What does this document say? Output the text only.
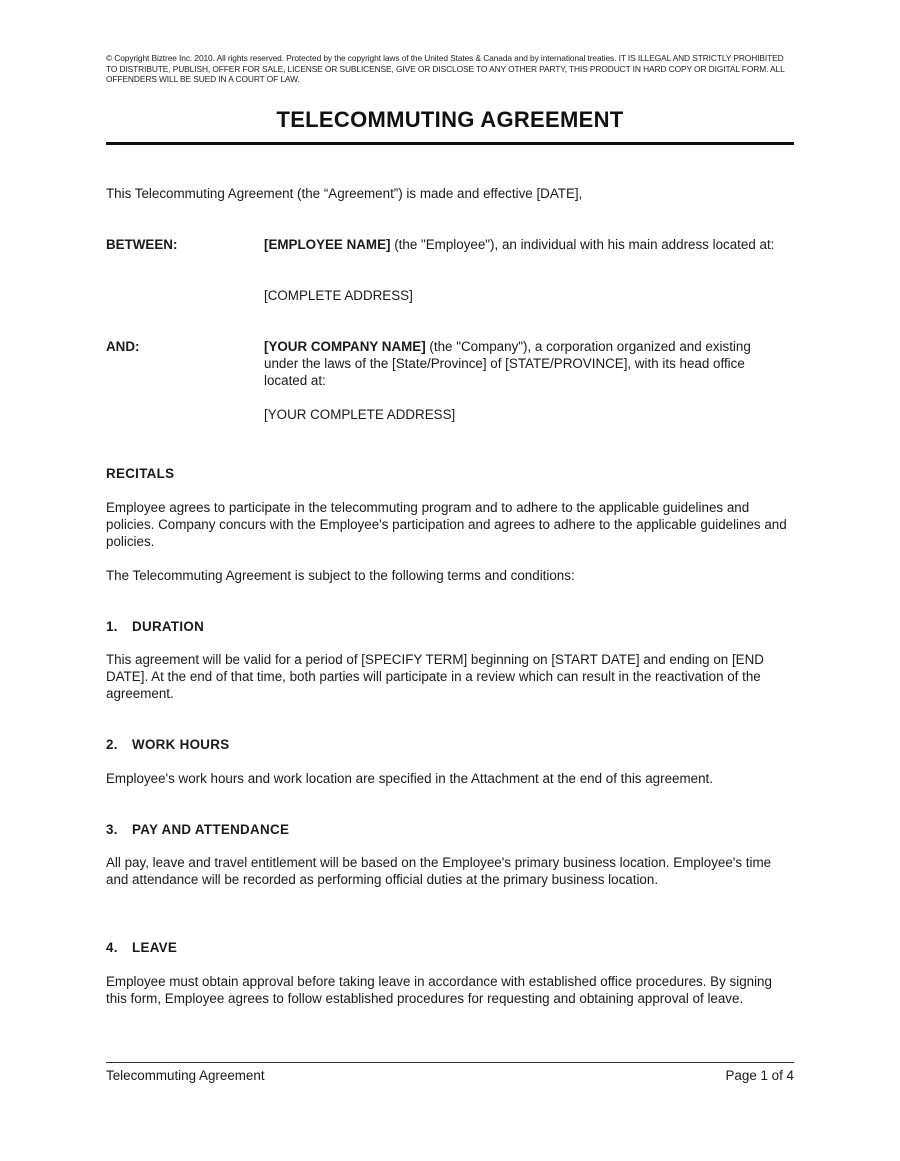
© Copyright Biztree Inc. 2010. All rights reserved. Protected by the copyright laws of the United States & Canada and by international treaties. IT IS ILLEGAL AND STRICTLY PROHIBITED TO DISTRIBUTE, PUBLISH, OFFER FOR SALE, LICENSE OR SUBLICENSE, GIVE OR DISCLOSE TO ANY OTHER PARTY, THIS PRODUCT IN HARD COPY OR DIGITAL FORM. ALL OFFENDERS WILL BE SUED IN A COURT OF LAW.
TELECOMMUTING AGREEMENT
This Telecommuting Agreement (the “Agreement”) is made and effective [DATE],
BETWEEN:	[EMPLOYEE NAME] (the "Employee"), an individual with his main address located at:
[COMPLETE ADDRESS]
AND:	[YOUR COMPANY NAME] (the "Company"), a corporation organized and existing under the laws of the [State/Province] of [STATE/PROVINCE], with its head office located at:
[YOUR COMPLETE ADDRESS]
RECITALS
Employee agrees to participate in the telecommuting program and to adhere to the applicable guidelines and policies. Company concurs with the Employee's participation and agrees to adhere to the applicable guidelines and policies.
The Telecommuting Agreement is subject to the following terms and conditions:
1. DURATION
This agreement will be valid for a period of [SPECIFY TERM] beginning on [START DATE] and ending on [END DATE]. At the end of that time, both parties will participate in a review which can result in the reactivation of the agreement.
2. WORK HOURS
Employee's work hours and work location are specified in the Attachment at the end of this agreement.
3. PAY AND ATTENDANCE
All pay, leave and travel entitlement will be based on the Employee's primary business location. Employee's time and attendance will be recorded as performing official duties at the primary business location.
4. LEAVE
Employee must obtain approval before taking leave in accordance with established office procedures. By signing this form, Employee agrees to follow established procedures for requesting and obtaining approval of leave.
Telecommuting Agreement	Page 1 of 4
